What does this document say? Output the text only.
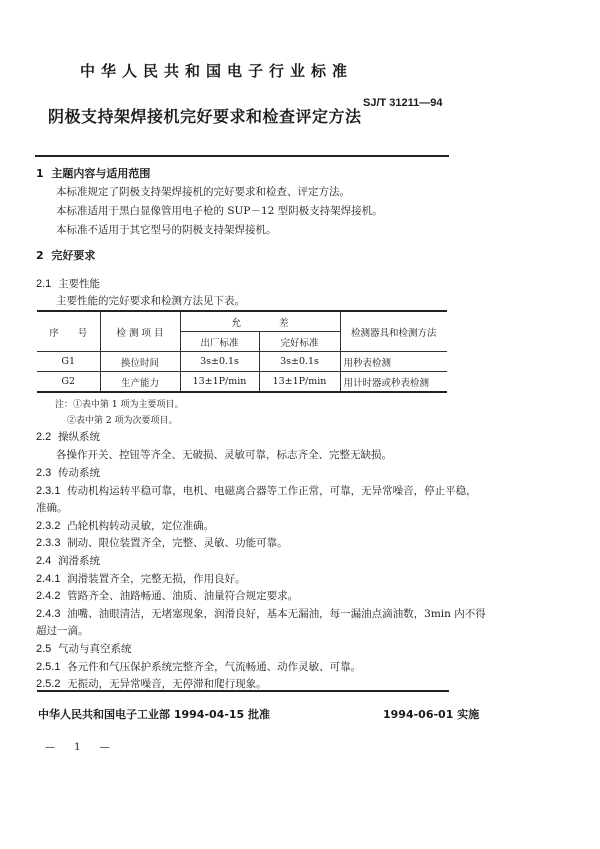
中华人民共和国电子行业标准
SJ/T 31211—94
阴极支持架焊接机完好要求和检查评定方法
1 主题内容与适用范围
本标准规定了阴极支持架焊接机的完好要求和检查、评定方法。
本标准适用于黑白显像管用电子枪的 SUP－12 型阴极支持架焊接机。
本标准不适用于其它型号的阴极支持架焊接机。
2 完好要求
2.1 主要性能
主要性能的完好要求和检测方法见下表。
序　　号	检 测 项 目	允　　　　差		检测器具和检测方法
		出厂标准	完好标准	
G1	换位时间	3s±0.1s	3s±0.1s	用秒表检测
G2	生产能力	13±1P/min	13±1P/min	用计时器或秒表检测
注：①表中第 1 项为主要项目。
②表中第 2 项为次要项目。
2.2 操纵系统
各操作开关、控钮等齐全、无破损、灵敏可靠，标志齐全、完整无缺损。
2.3 传动系统
2.3.1 传动机构运转平稳可靠，电机、电磁离合器等工作正常，可靠，无异常噪音，停止平稳，
准确。
2.3.2 凸轮机构转动灵敏，定位准确。
2.3.3 制动、限位装置齐全，完整、灵敏、功能可靠。
2.4 润滑系统
2.4.1 润滑装置齐全，完整无损，作用良好。
2.4.2 管路齐全、油路畅通、油质、油量符合规定要求。
2.4.3 油嘴、油眼清洁，无堵塞现象，润滑良好，基本无漏油，每一漏油点滴油数，3min 内不得
超过一滴。
2.5 气动与真空系统
2.5.1 各元件和气压保护系统完整齐全，气流畅通、动作灵敏、可靠。
2.5.2 无振动，无异常噪音，无停滞和爬行现象。
中华人民共和国电子工业部 1994-04-15 批准	1994-06-01 实施
— 1 —
